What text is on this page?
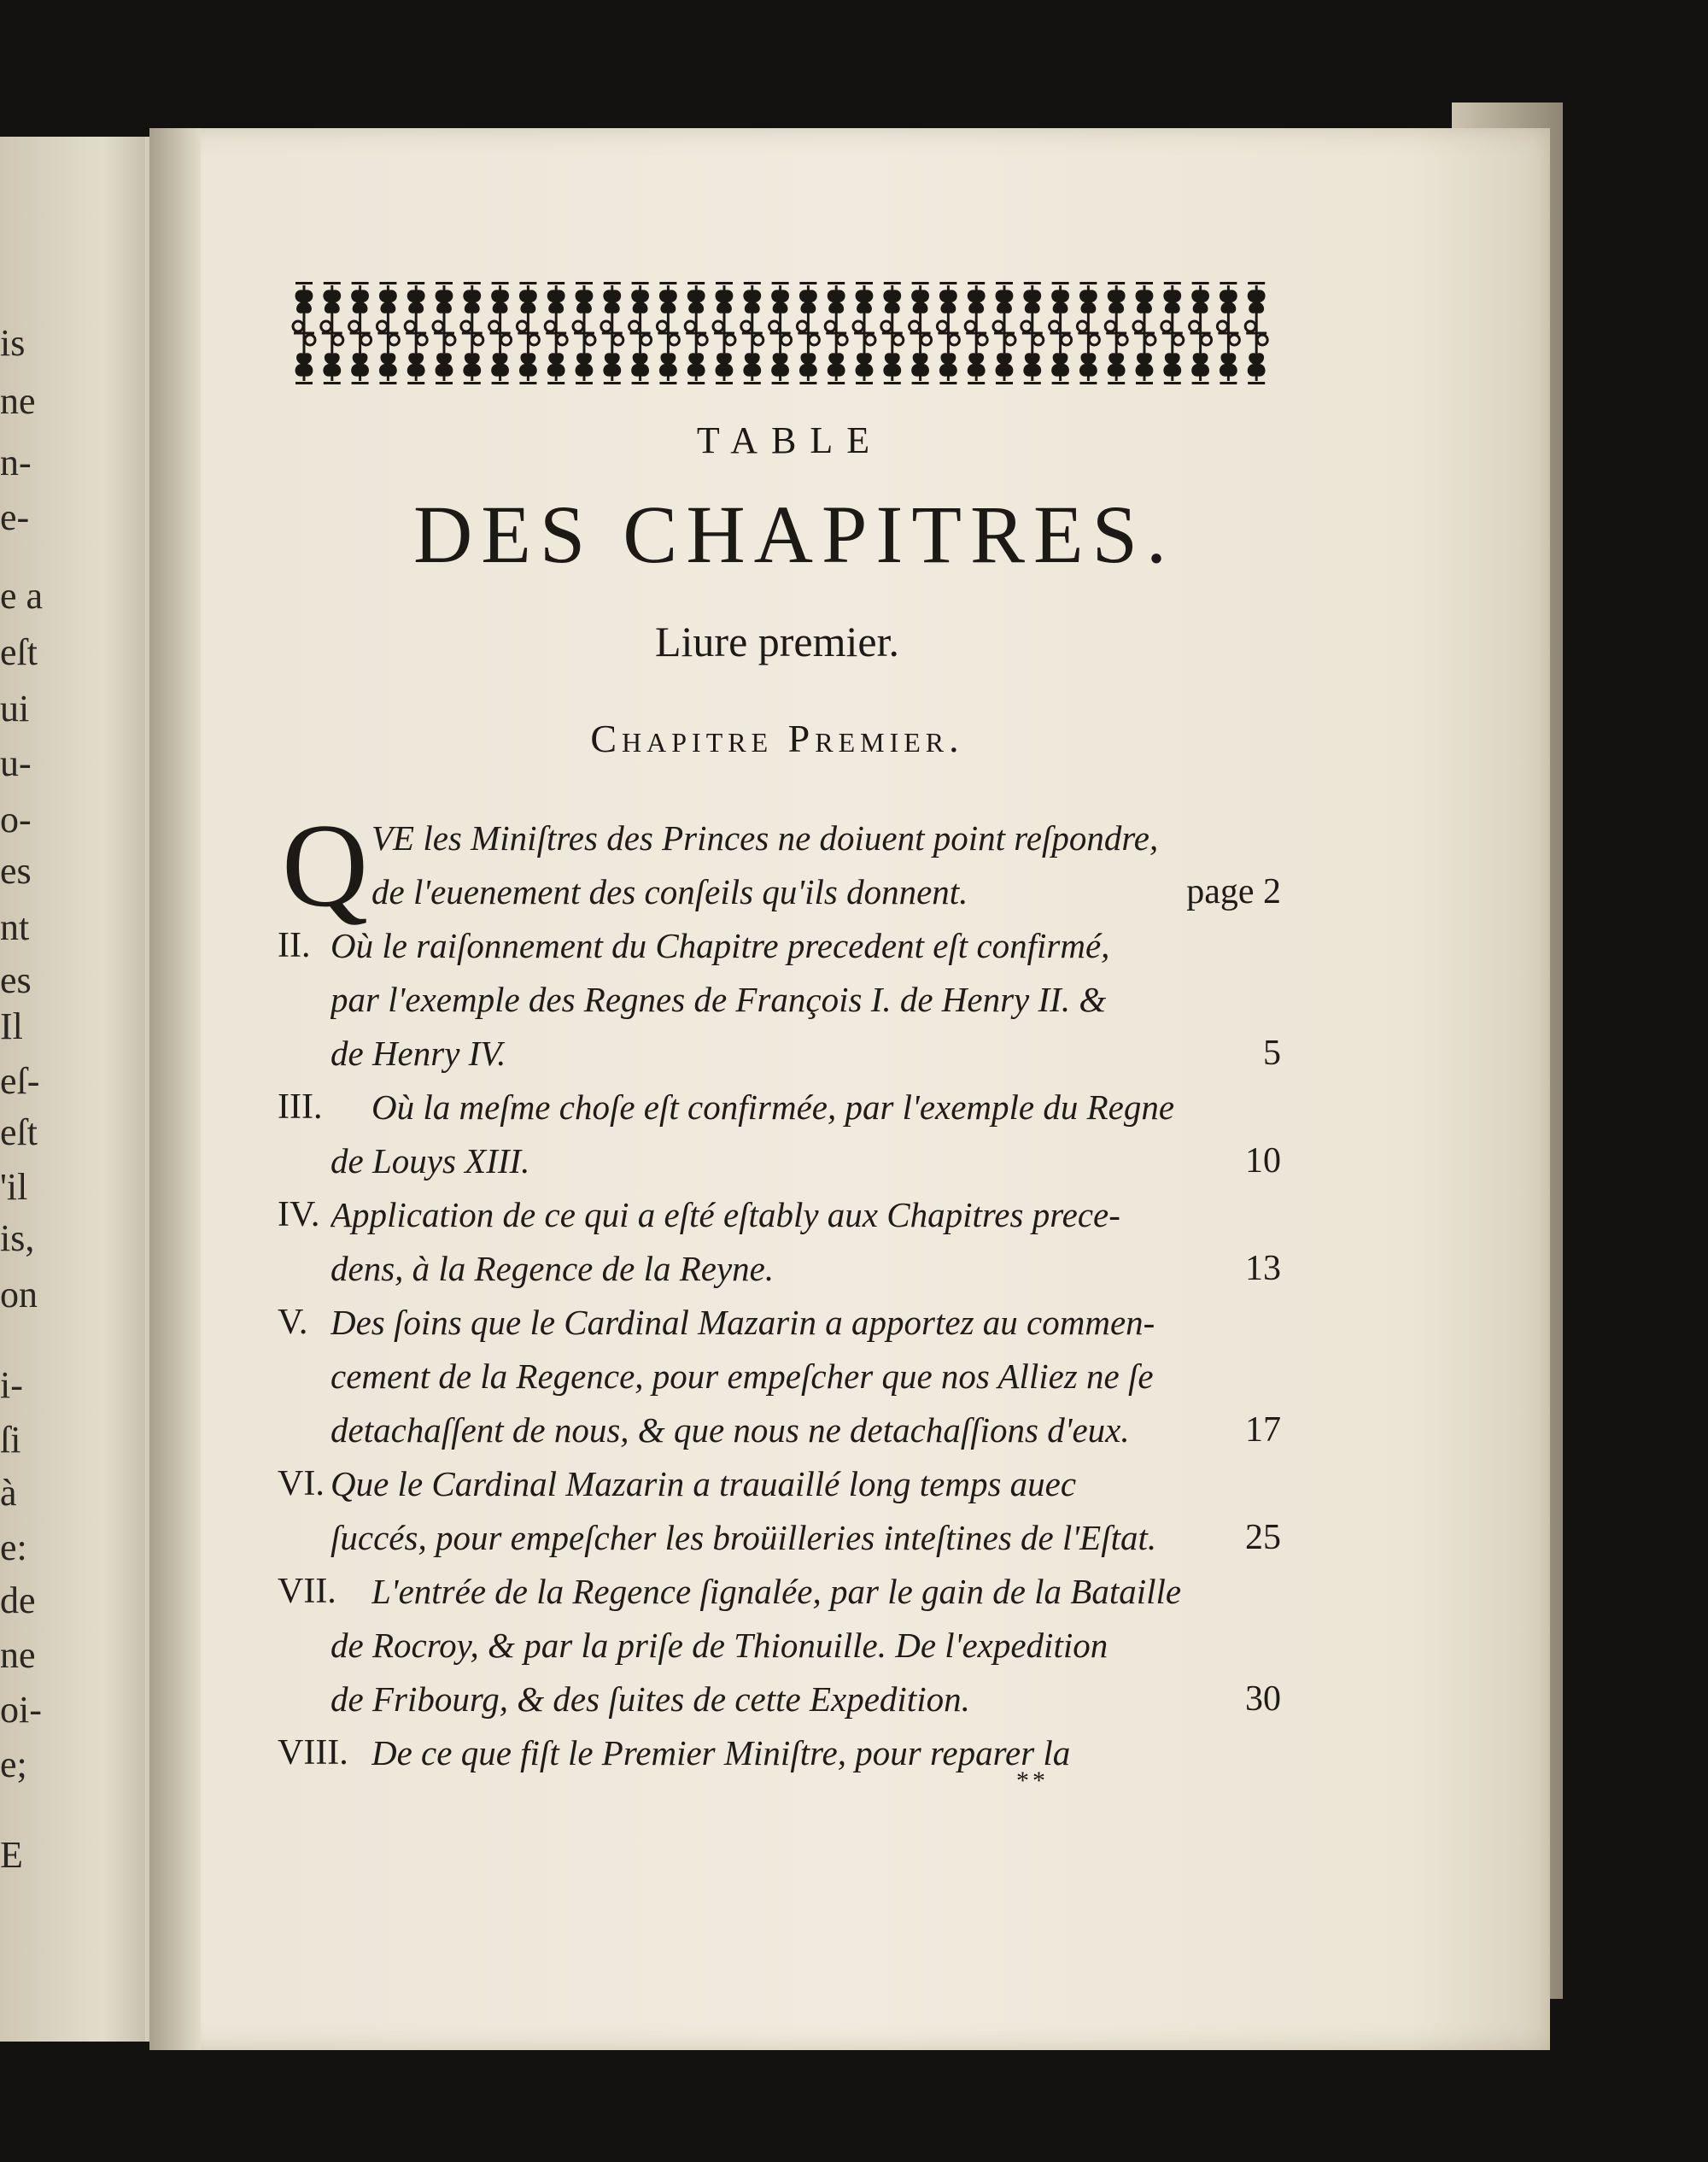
is
ne
n-
e-
e a
eſt
ui
u-
o-
es
nt
es
Il
eſ-
eſt
'il
is,
on
i-
ſi
à
e:
de
ne
oi-
e;
E
TABLE
DES CHAPITRES.
Liure premier.
Chapitre Premier.
Q VE les Miniſtres des Princes ne doiuent point reſpondre,
de l'euenement des conſeils qu'ils donnent.	page 2
II. Où le raiſonnement du Chapitre precedent eſt confirmé,
par l'exemple des Regnes de François I. de Henry II. &
de Henry IV.	5
III. Où la meſme choſe eſt confirmée, par l'exemple du Regne
de Louys XIII.	10
IV. Application de ce qui a eſté eſtably aux Chapitres prece-
dens, à la Regence de la Reyne.	13
V. Des ſoins que le Cardinal Mazarin a apportez au commen-
cement de la Regence, pour empeſcher que nos Alliez ne ſe
detachaſſent de nous, & que nous ne detachaſſions d'eux.	17
VI. Que le Cardinal Mazarin a trauaillé long temps auec
ſuccés, pour empeſcher les broüilleries inteſtines de l'Eſtat.	25
VII. L'entrée de la Regence ſignalée, par le gain de la Bataille
de Rocroy, & par la priſe de Thionuille. De l'expedition
de Fribourg, & des ſuites de cette Expedition.	30
VIII. De ce que fiſt le Premier Miniſtre, pour reparer la
**
